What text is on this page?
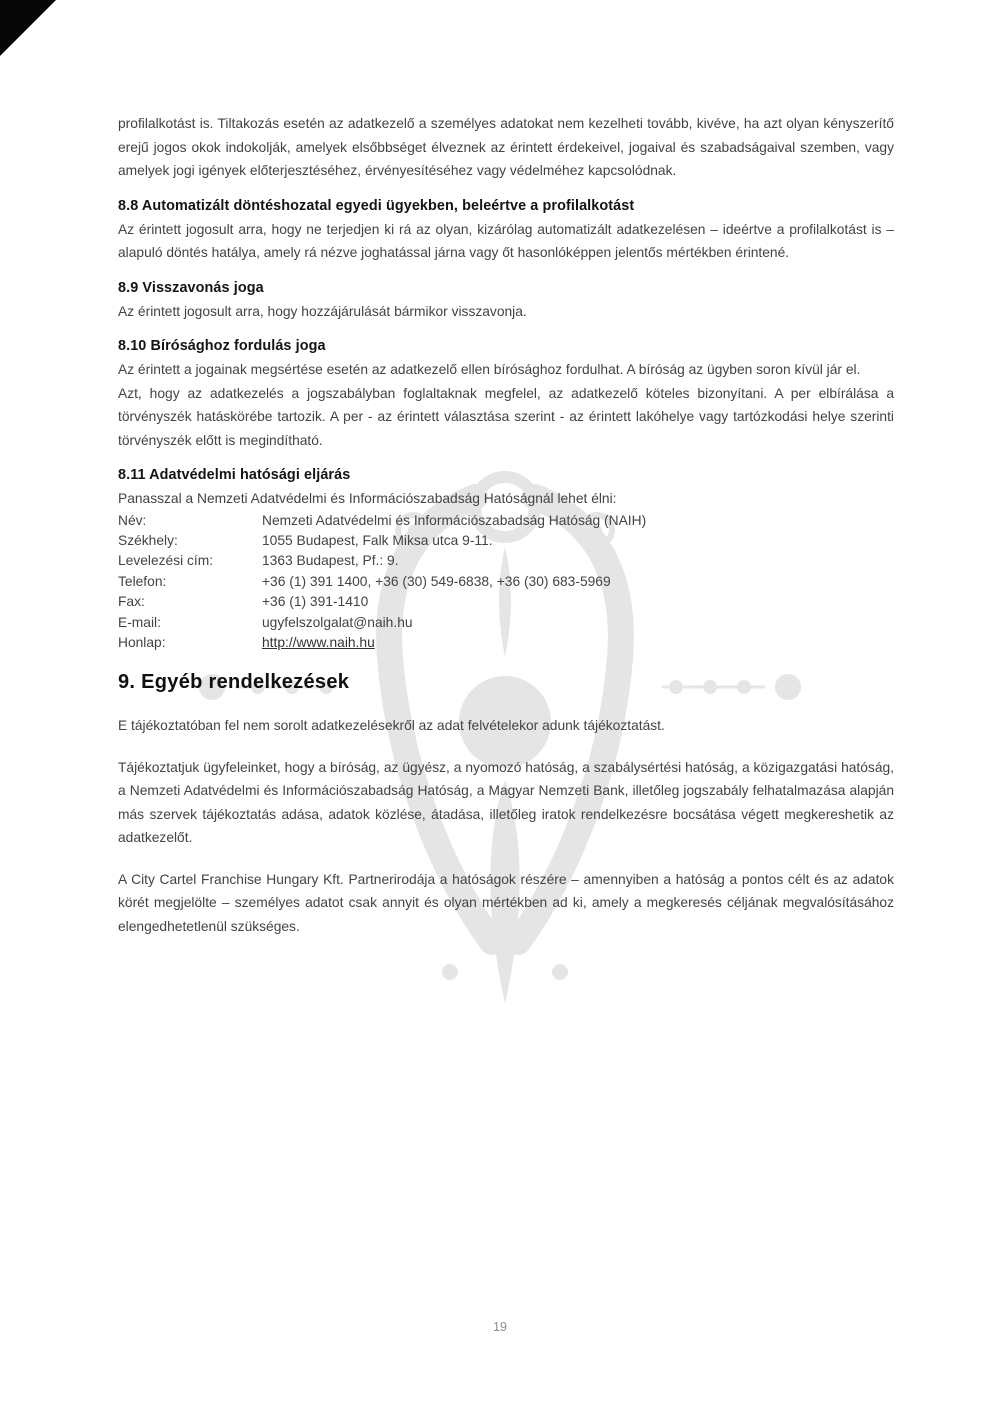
profilalkotást is. Tiltakozás esetén az adatkezelő a személyes adatokat nem kezelheti tovább, kivéve, ha azt olyan kényszerítő erejű jogos okok indokolják, amelyek elsőbbséget élveznek az érintett érdekeivel, jogaival és szabadságaival szemben, vagy amelyek jogi igények előterjesztéséhez, érvényesítéséhez vagy védelméhez kapcsolódnak.

8.8 Automatizált döntéshozatal egyedi ügyekben, beleértve a profilalkotást

Az érintett jogosult arra, hogy ne terjedjen ki rá az olyan, kizárólag automatizált adatkezelésen – ideértve a profilalkotást is – alapuló döntés hatálya, amely rá nézve joghatással járna vagy őt hasonlóképpen jelentős mértékben érintené.

8.9 Visszavonás joga

Az érintett jogosult arra, hogy hozzájárulását bármikor visszavonja.

8.10 Bírósághoz fordulás joga

Az érintett a jogainak megsértése esetén az adatkezelő ellen bírósághoz fordulhat. A bíróság az ügyben soron kívül jár el.

Azt, hogy az adatkezelés a jogszabályban foglaltaknak megfelel, az adatkezelő köteles bizonyítani. A per elbírálása a törvényszék hatáskörébe tartozik. A per - az érintett választása szerint - az érintett lakóhelye vagy tartózkodási helye szerinti törvényszék előtt is megindítható.

8.11 Adatvédelmi hatósági eljárás

Panasszal a Nemzeti Adatvédelmi és Információszabadság Hatóságnál lehet élni:

Név:	Nemzeti Adatvédelmi és Információszabadság Hatóság (NAIH)
Székhely:	1055 Budapest, Falk Miksa utca 9-11.
Levelezési cím:	1363 Budapest, Pf.: 9.
Telefon:	+36 (1) 391 1400, +36 (30) 549-6838, +36 (30) 683-5969
Fax:	+36 (1) 391-1410
E-mail:	ugyfelszolgalat@naih.hu
Honlap:	http://www.naih.hu
9. Egyéb rendelkezések

E tájékoztatóban fel nem sorolt adatkezelésekről az adat felvételekor adunk tájékoztatást.

Tájékoztatjuk ügyfeleinket, hogy a bíróság, az ügyész, a nyomozó hatóság, a szabálysértési hatóság, a közigazgatási hatóság, a Nemzeti Adatvédelmi és Információszabadság Hatóság, a Magyar Nemzeti Bank, illetőleg jogszabály felhatalmazása alapján más szervek tájékoztatás adása, adatok közlése, átadása, illetőleg iratok rendelkezésre bocsátása végett megkereshetik az adatkezelőt.

A City Cartel Franchise Hungary Kft. Partnerirodája a hatóságok részére – amennyiben a hatóság a pontos célt és az adatok körét megjelölte – személyes adatot csak annyit és olyan mértékben ad ki, amely a megkeresés céljának megvalósításához elengedhetetlenül szükséges.

19
